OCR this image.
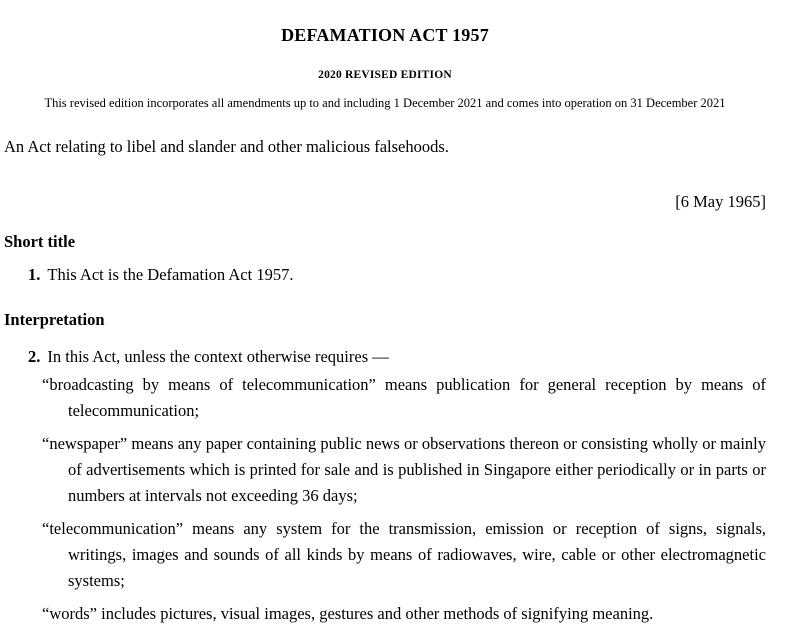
DEFAMATION ACT 1957
2020 REVISED EDITION
This revised edition incorporates all amendments up to and including 1 December 2021 and comes into operation on 31 December 2021

An Act relating to libel and slander and other malicious falsehoods.

[6 May 1965]
Short title

1. This Act is the Defamation Act 1957.

Interpretation

2. In this Act, unless the context otherwise requires —

“broadcasting by means of telecommunication” means publication for general reception by means of telecommunication;

“newspaper” means any paper containing public news or observations thereon or consisting wholly or mainly of advertisements which is printed for sale and is published in Singapore either periodically or in parts or numbers at intervals not exceeding 36 days;

“telecommunication” means any system for the transmission, emission or reception of signs, signals, writings, images and sounds of all kinds by means of radiowaves, wire, cable or other electromagnetic systems;

“words” includes pictures, visual images, gestures and other methods of signifying meaning.
